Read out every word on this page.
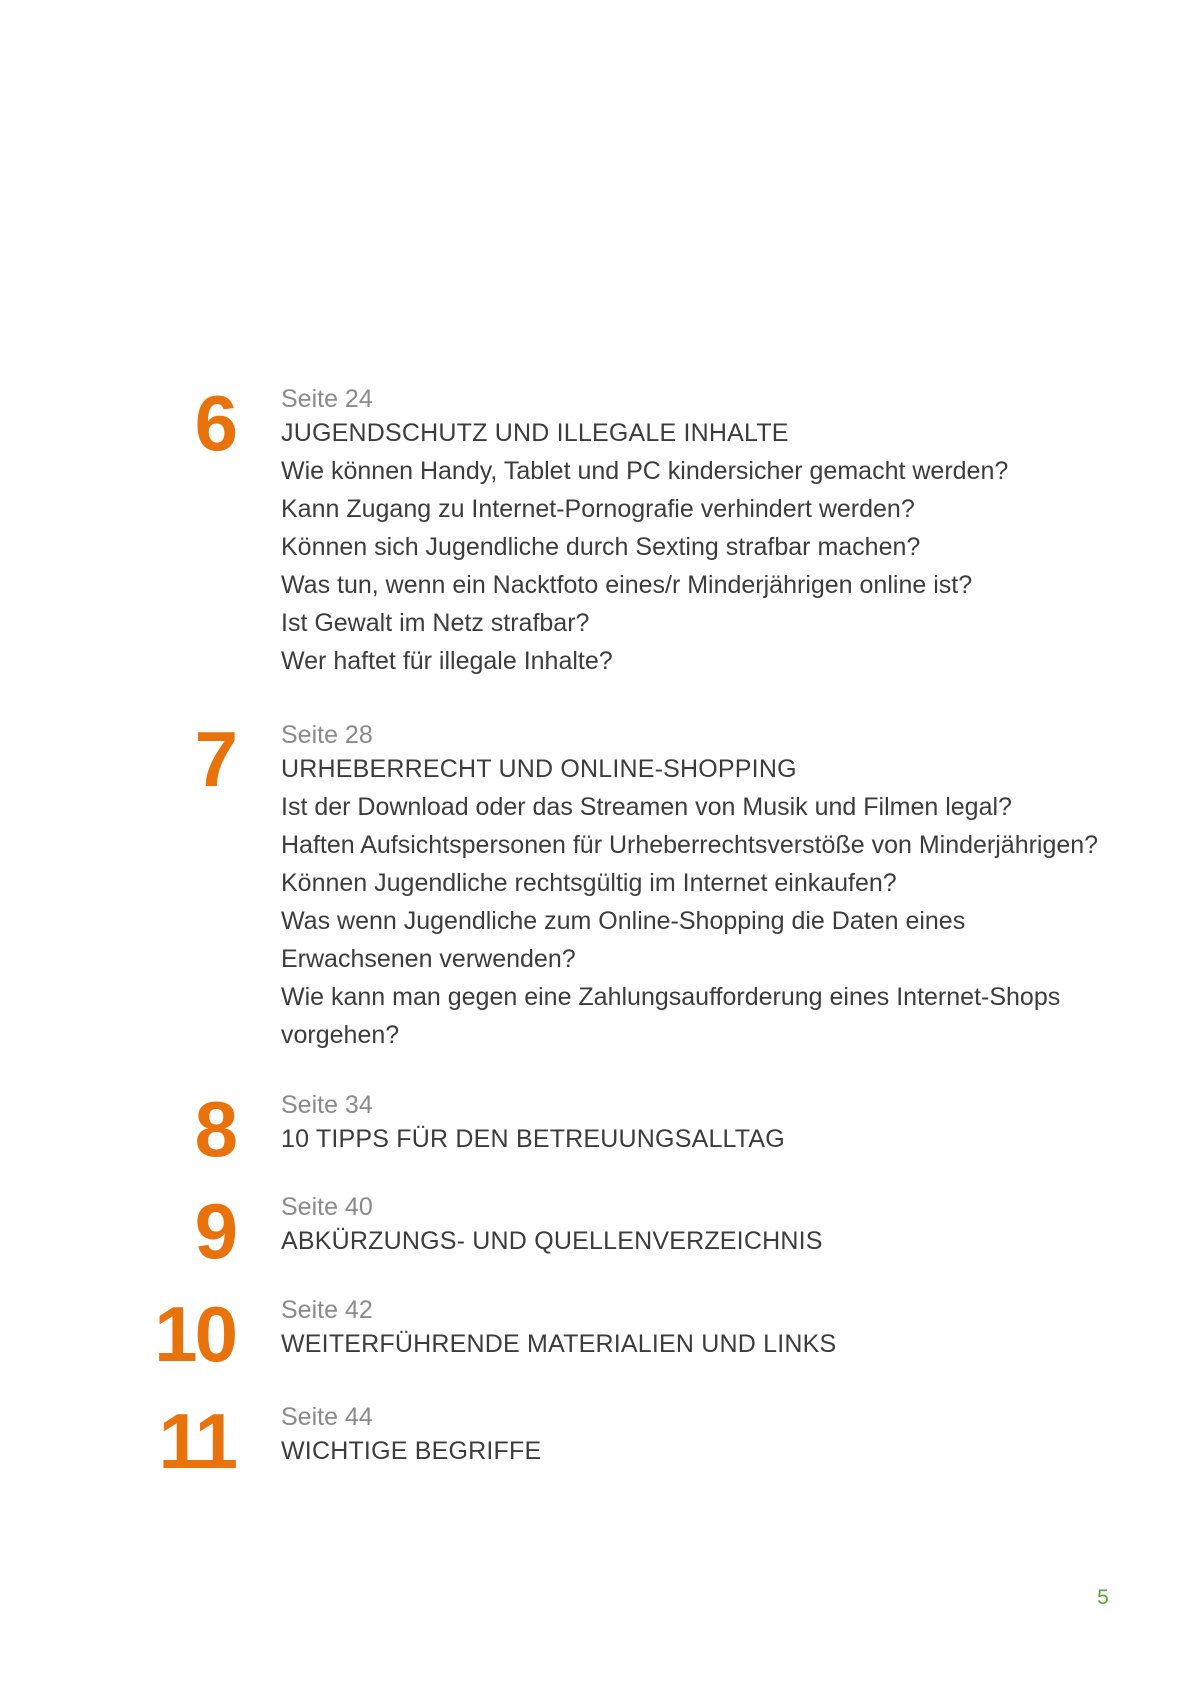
6 Seite 24

JUGENDSCHUTZ UND ILLEGALE INHALTE

Wie können Handy, Tablet und PC kindersicher gemacht werden?
Kann Zugang zu Internet-Pornografie verhindert werden?
Können sich Jugendliche durch Sexting strafbar machen?
Was tun, wenn ein Nacktfoto eines/r Minderjährigen online ist?
Ist Gewalt im Netz strafbar?
Wer haftet für illegale Inhalte?
7 Seite 28

URHEBERRECHT UND ONLINE-SHOPPING

Ist der Download oder das Streamen von Musik und Filmen legal?
Haften Aufsichtspersonen für Urheberrechtsverstöße von Minderjährigen?
Können Jugendliche rechtsgültig im Internet einkaufen?
Was wenn Jugendliche zum Online-Shopping die Daten eines
Erwachsenen verwenden?
Wie kann man gegen eine Zahlungsaufforderung eines Internet-Shops
vorgehen?
8 Seite 34

10 TIPPS FÜR DEN BETREUUNGSALLTAG

9 Seite 40

ABKÜRZUNGS- UND QUELLENVERZEICHNIS

10 Seite 42

WEITERFÜHRENDE MATERIALIEN UND LINKS

11 Seite 44

WICHTIGE BEGRIFFE

5
